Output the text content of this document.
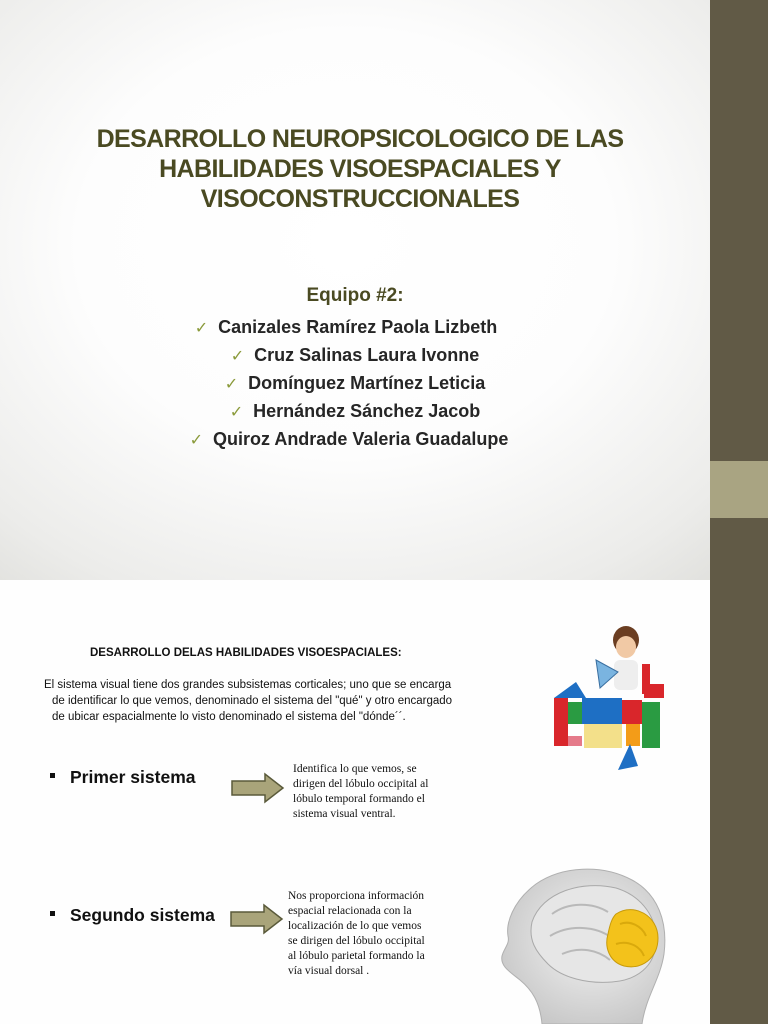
DESARROLLO NEUROPSICOLOGICO DE LAS
HABILIDADES VISOESPACIALES Y
VISOCONSTRUCCIONALES
Equipo #2:
✓ Canizales Ramírez Paola Lizbeth
✓ Cruz Salinas Laura Ivonne
✓ Domínguez Martínez Leticia
✓ Hernández Sánchez Jacob
✓ Quiroz Andrade Valeria Guadalupe
DESARROLLO DELAS HABILIDADES VISOESPACIALES:
El sistema visual tiene dos grandes subsistemas corticales; uno que se encarga
de identificar lo que vemos, denominado el sistema del "qué" y otro encargado
de ubicar espacialmente lo visto denominado el sistema del "dónde´´.
Primer sistema	Identifica lo que vemos, se
dirigen del lóbulo occipital al
lóbulo temporal formando el
sistema visual ventral.
Segundo sistema
Nos proporciona información
espacial relacionada con la
localización de lo que vemos
se dirigen del lóbulo occipital
al lóbulo parietal formando la
vía visual dorsal .
